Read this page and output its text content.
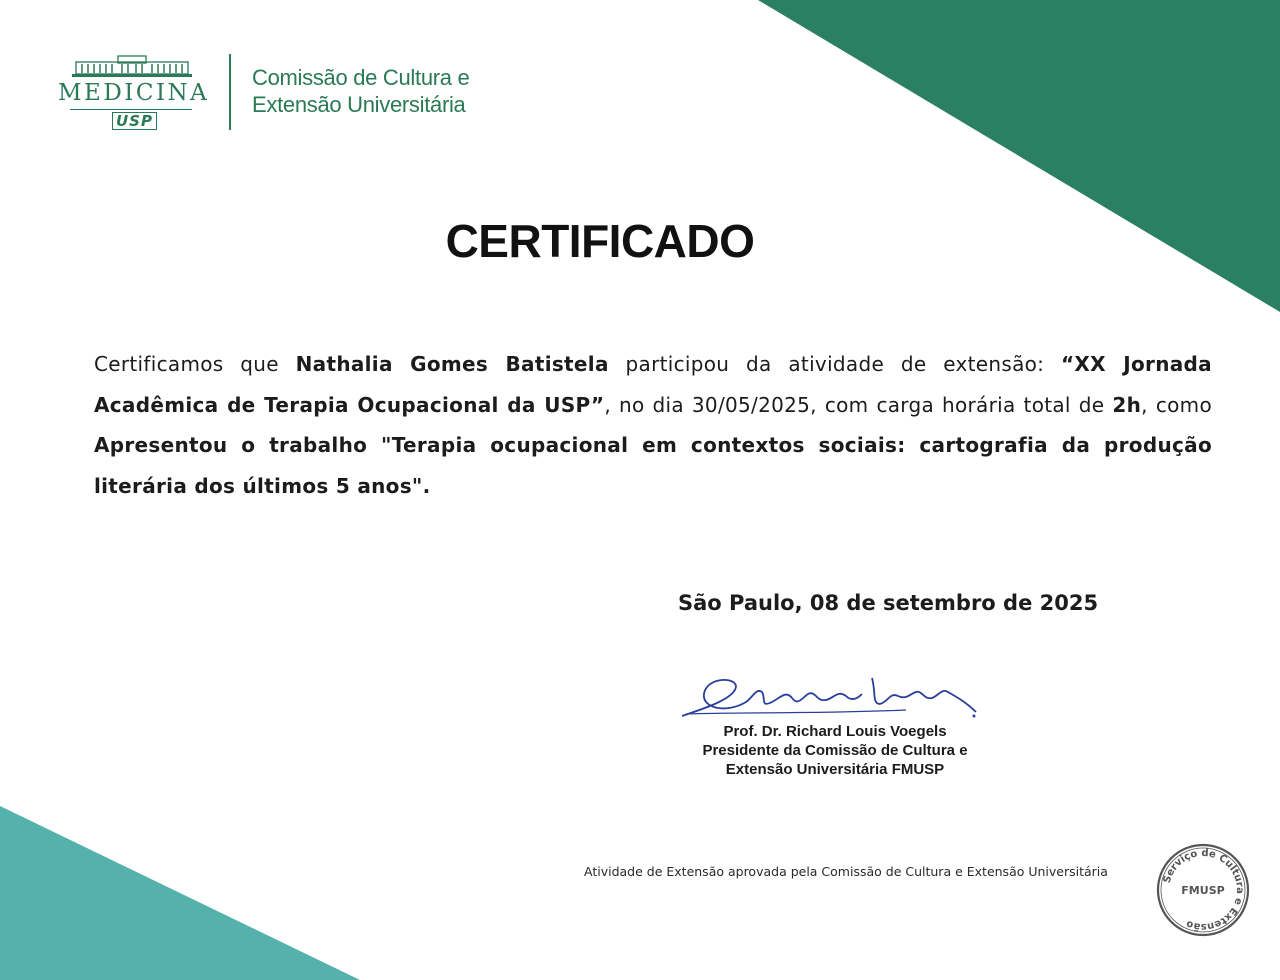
MEDICINA
USP
Comissão de Cultura e
Extensão Universitária
CERTIFICADO
Certificamos que Nathalia Gomes Batistela participou da atividade de extensão: “XX Jornada Acadêmica de Terapia Ocupacional da USP”, no dia 30/05/2025, com carga horária total de 2h, como Apresentou o trabalho "Terapia ocupacional em contextos sociais: cartografia da produção literária dos últimos 5 anos".
São Paulo, 08 de setembro de 2025
Prof. Dr. Richard Louis Voegels
Presidente da Comissão de Cultura e
Extensão Universitária FMUSP
Atividade de Extensão aprovada pela Comissão de Cultura e Extensão Universitária
Serviço de Cultura e Extensão
FMUSP
